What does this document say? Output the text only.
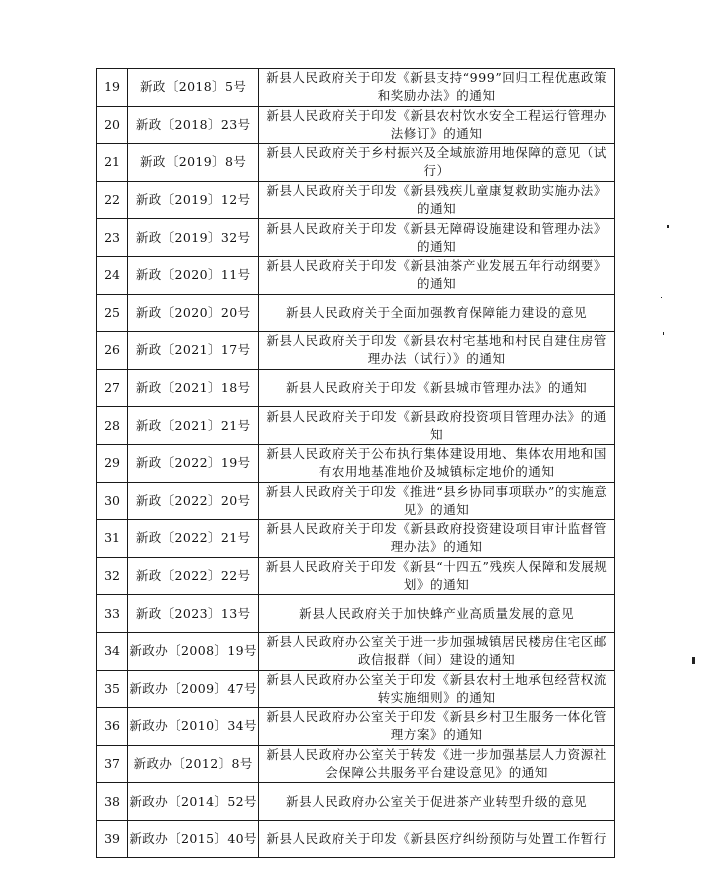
19	新政〔2018〕5号	新县人民政府关于印发《新县支持“999”回归工程优惠政策和奖励办法》的通知
20	新政〔2018〕23号	新县人民政府关于印发《新县农村饮水安全工程运行管理办法修订》的通知
21	新政〔2019〕8号	新县人民政府关于乡村振兴及全域旅游用地保障的意见（试行）
22	新政〔2019〕12号	新县人民政府关于印发《新县残疾儿童康复救助实施办法》的通知
23	新政〔2019〕32号	新县人民政府关于印发《新县无障碍设施建设和管理办法》的通知
24	新政〔2020〕11号	新县人民政府关于印发《新县油茶产业发展五年行动纲要》的通知
25	新政〔2020〕20号	新县人民政府关于全面加强教育保障能力建设的意见
26	新政〔2021〕17号	新县人民政府关于印发《新县农村宅基地和村民自建住房管理办法（试行）》的通知
27	新政〔2021〕18号	新县人民政府关于印发《新县城市管理办法》的通知
28	新政〔2021〕21号	新县人民政府关于印发《新县政府投资项目管理办法》的通知
29	新政〔2022〕19号	新县人民政府关于公布执行集体建设用地、集体农用地和国有农用地基准地价及城镇标定地价的通知
30	新政〔2022〕20号	新县人民政府关于印发《推进“县乡协同事项联办”的实施意见》的通知
31	新政〔2022〕21号	新县人民政府关于印发《新县政府投资建设项目审计监督管理办法》的通知
32	新政〔2022〕22号	新县人民政府关于印发《新县“十四五”残疾人保障和发展规划》的通知
33	新政〔2023〕13号	新县人民政府关于加快蜂产业高质量发展的意见
34	新政办〔2008〕19号	新县人民政府办公室关于进一步加强城镇居民楼房住宅区邮政信报群（间）建设的通知
35	新政办〔2009〕47号	新县人民政府办公室关于印发《新县农村土地承包经营权流转实施细则》的通知
36	新政办〔2010〕34号	新县人民政府办公室关于印发《新县乡村卫生服务一体化管理方案》的通知
37	新政办〔2012〕8号	新县人民政府办公室关于转发《进一步加强基层人力资源社会保障公共服务平台建设意见》的通知
38	新政办〔2014〕52号	新县人民政府办公室关于促进茶产业转型升级的意见
39	新政办〔2015〕40号	新县人民政府关于印发《新县医疗纠纷预防与处置工作暂行
